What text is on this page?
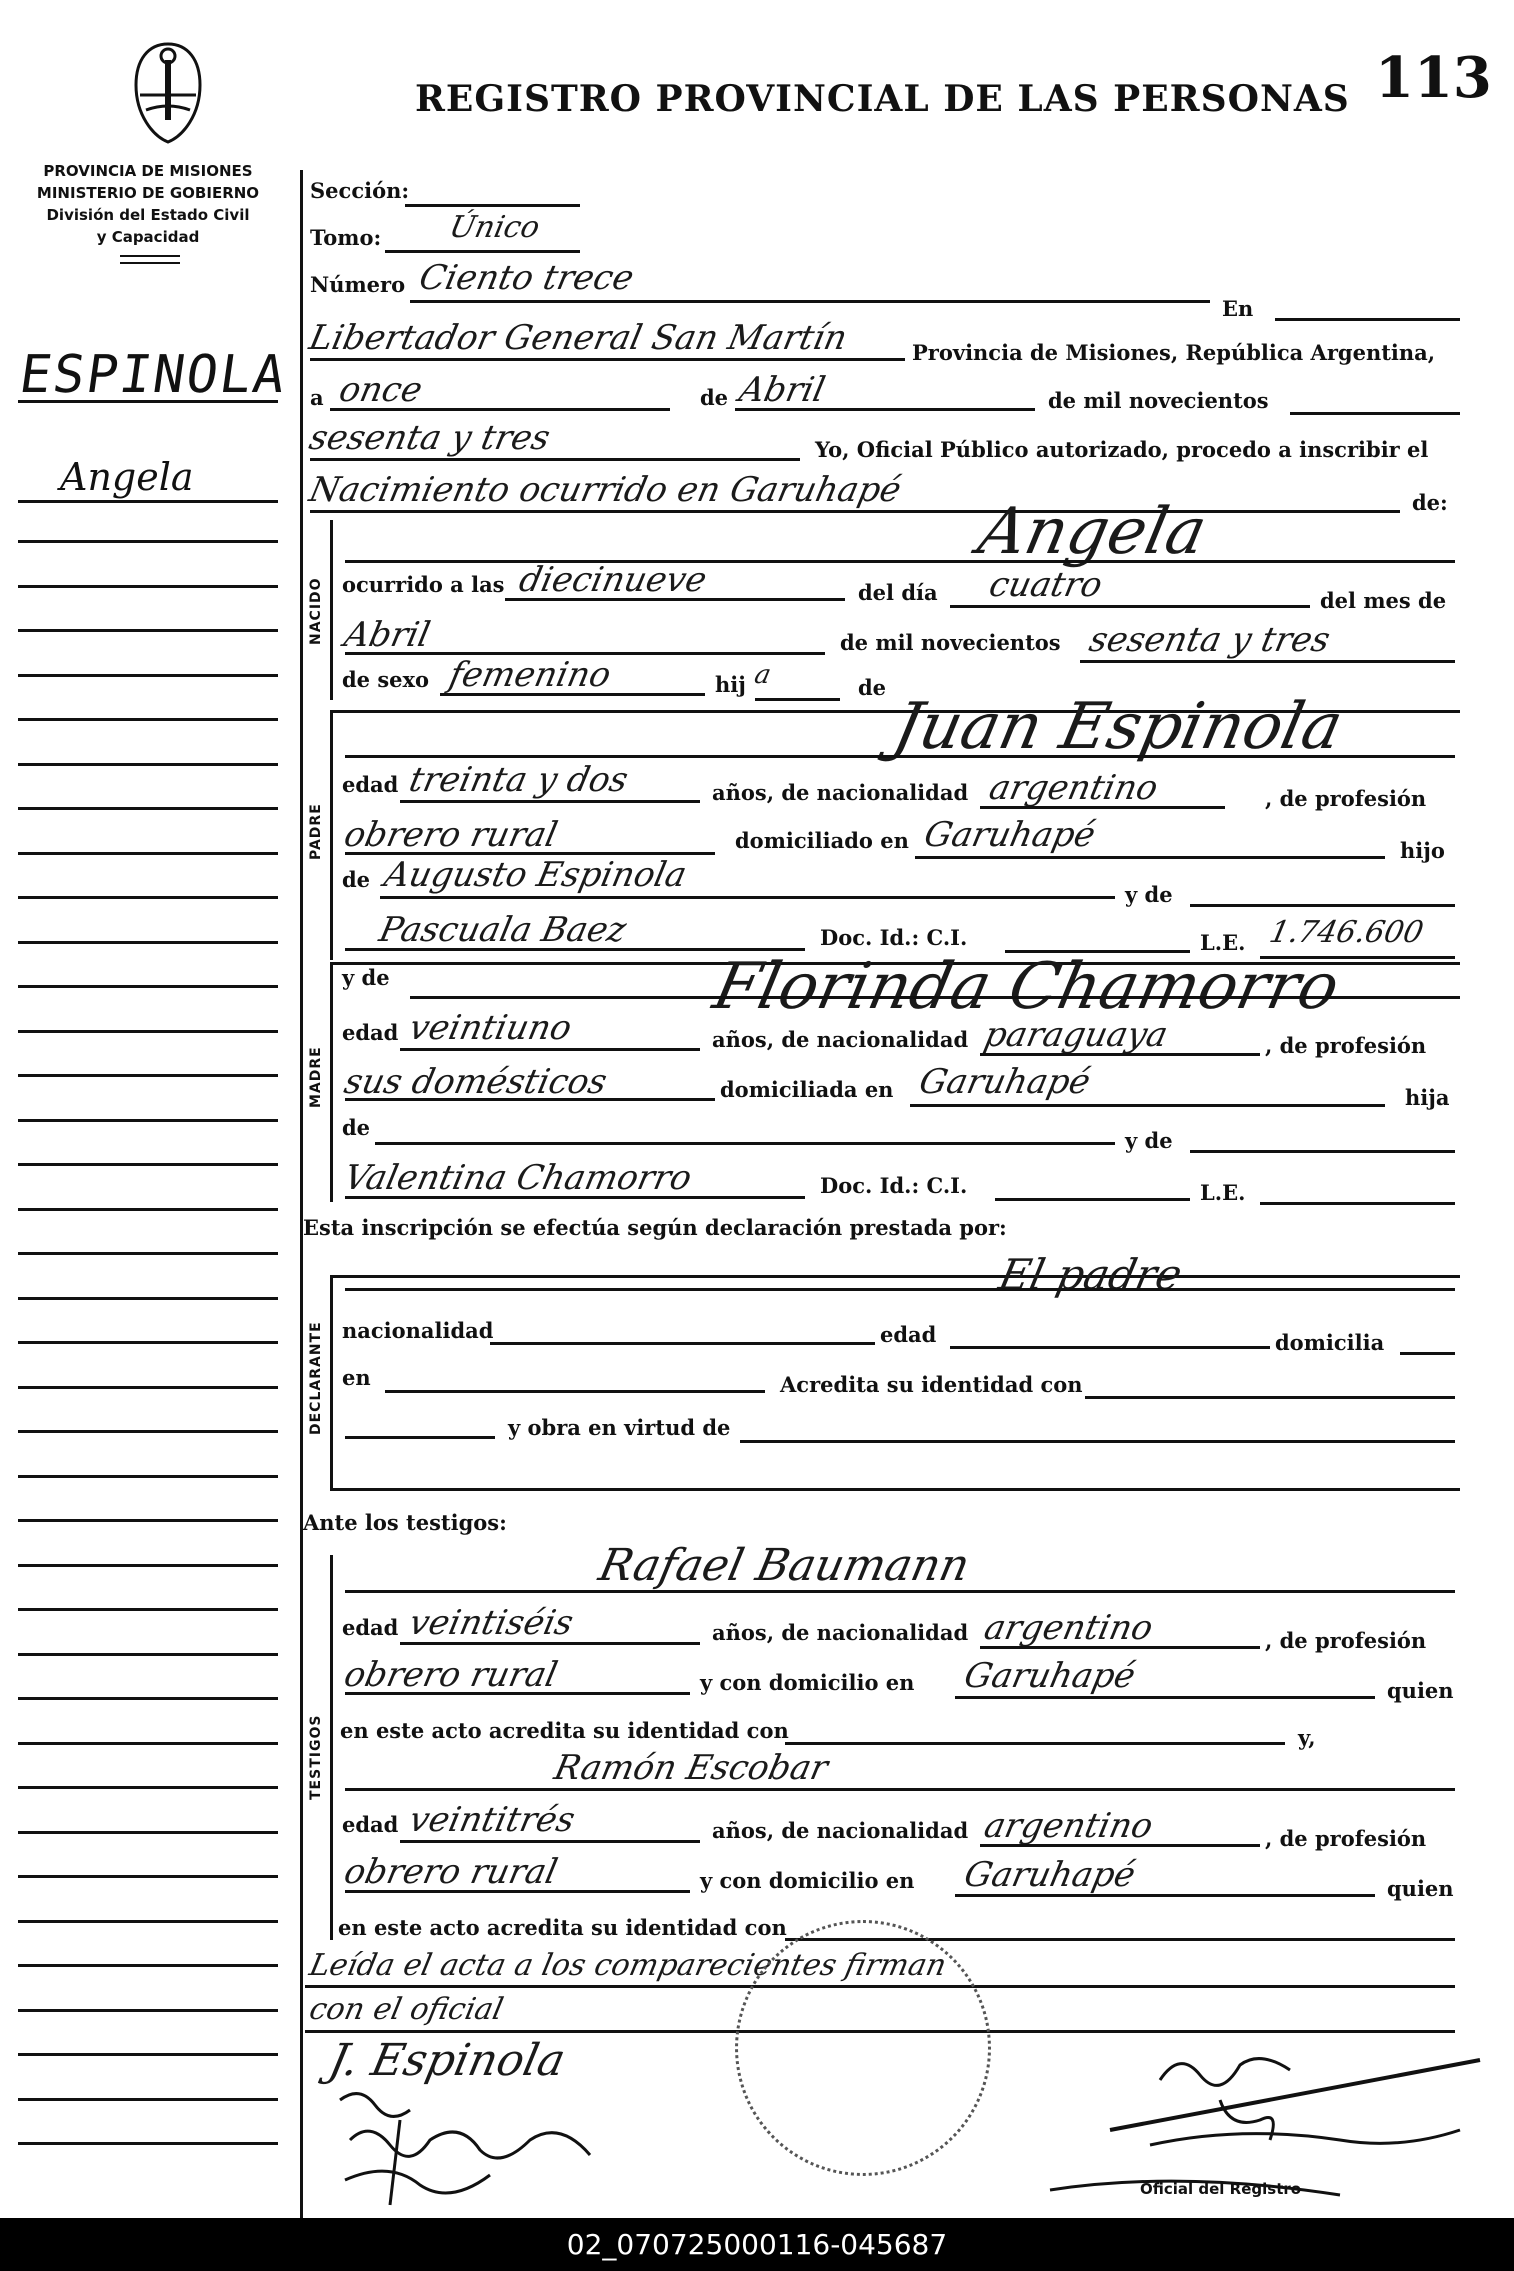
REGISTRO PROVINCIAL DE LAS PERSONAS 113
PROVINCIA DE MISIONES
MINISTERIO DE GOBIERNO
División del Estado Civil
y Capacidad
ESPINOLA
Angela
Sección:
Tomo: Único
Número Ciento trece
En
Libertador General San Martín	Provincia de Misiones, República Argentina,
a once	de Abril	de mil novecientos
sesenta y tres	Yo, Oficial Público autorizado, procedo a inscribir el
Nacimiento ocurrido en Garuhapé	de:
NACIDO
Angela
ocurrido a las diecinueve	del día cuatro	del mes de
Abril	de mil novecientos sesenta y tres
de sexo femenino	hij a	de
PADRE
Juan Espinola
edad treinta y dos	años, de nacionalidad argentino	, de profesión
obrero rural	domiciliado en Garuhapé	hijo
de Augusto Espinola	y de
Pascuala Baez	Doc. Id.: C.I.	L.E. 1.746.600
MADRE
y de	Florinda Chamorro
edad veintiuno	años, de nacionalidad paraguaya	, de profesión
sus domésticos	domiciliada en Garuhapé	hija
de
y de
Valentina Chamorro	Doc. Id.: C.I.	L.E.
Esta inscripción se efectúa según declaración prestada por:
DECLARANTE
El padre
nacionalidad	edad	domicilia
en	Acredita su identidad con
y obra en virtud de
Ante los testigos:
TESTIGOS
Rafael Baumann
edad veintiséis	años, de nacionalidad argentino	, de profesión
obrero rural	y con domicilio en Garuhapé	quien
en este acto acredita su identidad con	y,
Ramón Escobar
edad veintitrés	años, de nacionalidad argentino	, de profesión
obrero rural	y con domicilio en Garuhapé	quien
en este acto acredita su identidad con
Leída el acta a los comparecientes firman
con el oficial
J. Espinola
Oficial del Registro
02_070725000116-045687
